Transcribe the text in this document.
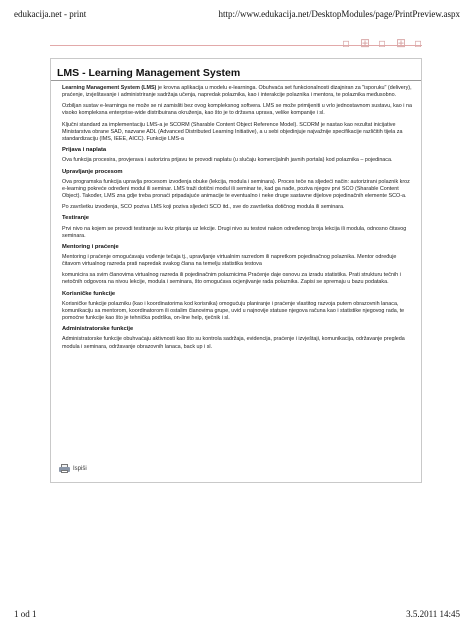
edukacija.net - print	http://www.edukacija.net/DesktopModules/page/PrintPreview.aspx
▫ ⊞ ▫ ⊞ ▫
LMS - Learning Management System

Learning Management System (LMS) je krovna aplikacija u modelu e-learninga. Obuhvaća set funkcionalnosti dizajniran za "isporuku" (delivery), praćenje, izvještavanje i administriranje sadržaja učenja, napredak polaznika, kao i interakcije polaznika i mentora, te polaznika međusobno.

Ozbiljan sustav e-learninga ne može se ni zamisliti bez ovog kompleksnog softvera. LMS se može primijeniti u vrlo jednostavnom sustavu, kao i na visoko kompleksna enterprise-wide distribuirana okruženja, kao što je to državna uprava, velike kompanije i sl.

Ključni standard za implementaciju LMS-a je SCORM (Sharable Content Object Reference Model). SCORM je nastao kao rezultat inicijative Ministarstva obrane SAD, nazvane ADL (Advanced Distributed Learning Initiative), a u sebi objedinjuje najvažnije specifikacije različitih tijela za standardizaciju (IMS, IEEE, AICC). Funkcije LMS-a

Prijava i naplata

Ova funkcija procesira, provjerava i autorizira prijavu te provodi naplatu (u slučaju komercijalnih javnih portala) kod polaznika – pojedinaca.

Upravljanje procesom

Ova programska funkcija upravlja procesom izvođenja obuke (lekcija, modula i seminara). Proces teče na sljedeći način: autorizirani polaznik kroz e-learning pokreće određeni modul ili seminar. LMS traži dotični modul ili seminar te, kad ga nađe, poziva njegov prvi SCO (Sharable Content Object). Također, LMS zna gdje treba pronaći pripadajuće animacije te eventualno i neke druge sastavne dijelove pojedinačnih elemente SCO-a.

Po završetku izvođenja, SCO poziva LMS koji poziva sljedeći SCO itd., sve do završetka dotičnog modula ili seminara.

Testiranje

Prvi nivo na kojem se provodi testiranje su kviz pitanja uz lekcije. Drugi nivo su testovi nakon određenog broja lekcija ili modula, odnosno čitavog seminara.

Mentoring i praćenje

Mentoring i praćenje omogućavaju vođenje tečaja tj., upravljanje virtualnim razredom ili napretkom pojedinačnog polaznika. Mentor određuje čitavom virtualnog razreda prati napredak svakog člana na temelju statistika testova

komunicira sa svim članovima virtualnog razreda ili pojedinačnim polaznicima Praćenje daje osnovu za izradu statistika. Prati strukturu tečnih i netočnih odgovora na nivou lekcije, modula i seminara, što omogućava ocjenjivanje rada polaznika. Zapisi se spremaju u bazu podataka.

Korisničke funkcije

Korisničke funkcije polazniku (kao i koordinatorima kod korisnika) omogućuju planiranje i praćenje vlastitog razvoja putem obrazovnih lanaca, komunikaciju sa mentorom, koordinatorom ili ostalim članovima grupe, uvid u najnovije statuse njegova računa kao i statistike njegovog rada, te pomoćne funkcije kao što je tehnička podrška, on-line help, rječnik i sl.

Administratorske funkcije

Administratorske funkcije obuhvaćaju aktivnosti kao što su kontrola sadržaja, evidencija, praćenje i izvještaji, komunikacija, održavanje pregleda modula i seminara, održavanje obrazovnih lanaca, back up i sl.

Ispiši
1 od 1	3.5.2011 14:45
